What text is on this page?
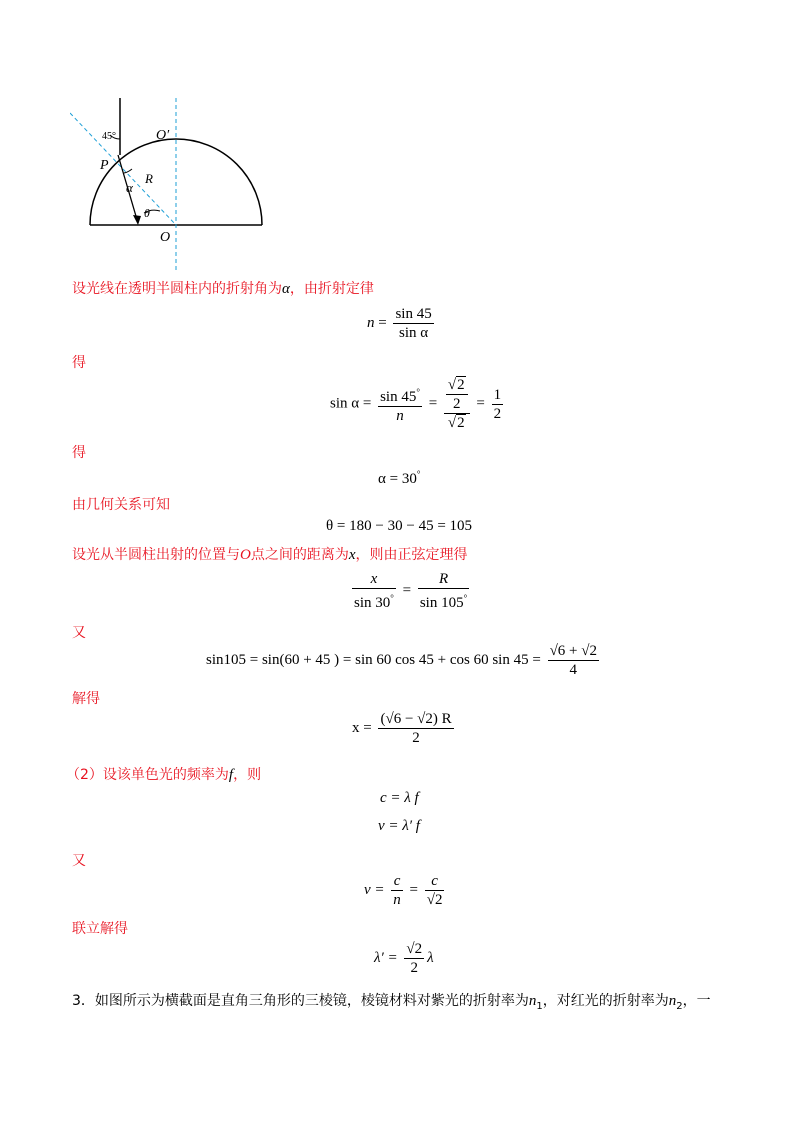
45°	O′
P
R
α
θ
O
设光线在透明半圆柱内的折射角为α，由折射定律
$n = \frac{\sin 45}{\text{sin α}}$
得
$\sin \alpha = \frac{\sin 45^\circ}{n} = \frac{\frac{√2}{2}}{√2} = \frac{1}{2}$
得
α = 30°
由几何关系可知
θ = 180 − 30 − 45 = 105
设光从半圆柱出射的位置与O点之间的距离为x，则由正弦定理得
$\frac{x}{\sin 30^\circ} = \frac{R}{\sin 105^\circ}$
又
sin105 = sin(60 + 45 ) = sin 60 cos 45 + cos 60 $\sin 45 = \frac{√6 + √2}{4}$
解得
$x = \frac{(√6 - √2) R}{2}$
（2）设该单色光的频率为f，则
c = λ f
v = λ′ f
又
$v = \frac{c}{n} = \frac{c}{√2}$
联立解得
$\lambda' = \frac{√2}{2}$ λ
3．如图所示为横截面是直角三角形的三棱镜，棱镜材料对紫光的折射率为$n_1$，对红光的折射率为$n_2$，一
